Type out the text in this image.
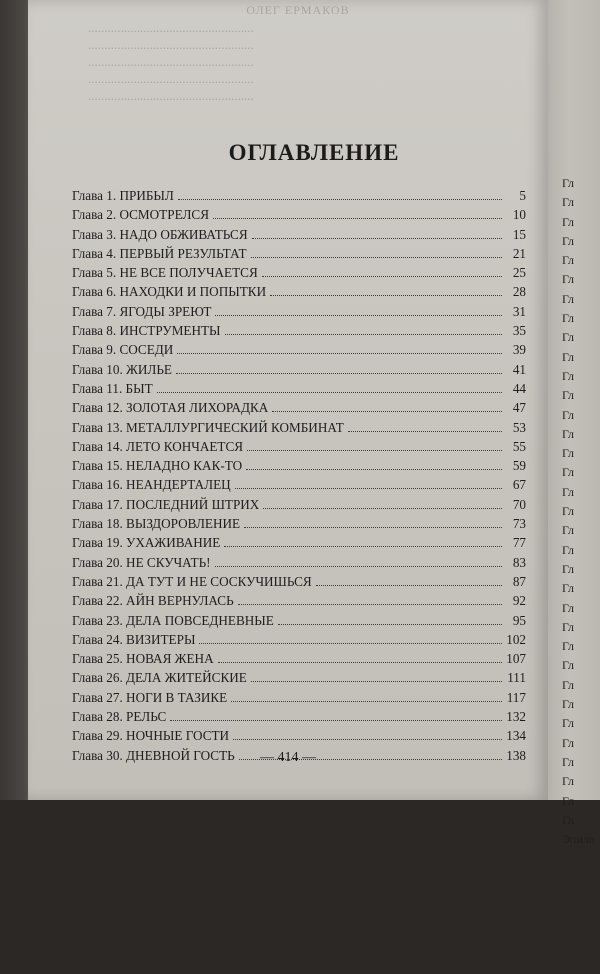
ОЛЕГ ЕРМАКОВ
...................................................
...................................................
...................................................
...................................................
...................................................
ОГЛАВЛЕНИЕ
Глава 1. ПРИБЫЛ	5
Глава 2. ОСМОТРЕЛСЯ	10
Глава 3. НАДО ОБЖИВАТЬСЯ	15
Глава 4. ПЕРВЫЙ РЕЗУЛЬТАТ	21
Глава 5. НЕ ВСЕ ПОЛУЧАЕТСЯ	25
Глава 6. НАХОДКИ И ПОПЫТКИ	28
Глава 7. ЯГОДЫ ЗРЕЮТ	31
Глава 8. ИНСТРУМЕНТЫ	35
Глава 9. СОСЕДИ	39
Глава 10. ЖИЛЬЕ	41
Глава 11. БЫТ	44
Глава 12. ЗОЛОТАЯ ЛИХОРАДКА	47
Глава 13. МЕТАЛЛУРГИЧЕСКИЙ КОМБИНАТ	53
Глава 14. ЛЕТО КОНЧАЕТСЯ	55
Глава 15. НЕЛАДНО КАК-ТО	59
Глава 16. НЕАНДЕРТАЛЕЦ	67
Глава 17. ПОСЛЕДНИЙ ШТРИХ	70
Глава 18. ВЫЗДОРОВЛЕНИЕ	73
Глава 19. УХАЖИВАНИЕ	77
Глава 20. НЕ СКУЧАТЬ!	83
Глава 21. ДА ТУТ И НЕ СОСКУЧИШЬСЯ	87
Глава 22. АЙН ВЕРНУЛАСЬ	92
Глава 23. ДЕЛА ПОВСЕДНЕВНЫЕ	95
Глава 24. ВИЗИТЕРЫ	102
Глава 25. НОВАЯ ЖЕНА	107
Глава 26. ДЕЛА ЖИТЕЙСКИЕ	111
Глава 27. НОГИ В ТАЗИКЕ	117
Глава 28. РЕЛЬС	132
Глава 29. НОЧНЫЕ ГОСТИ	134
Глава 30. ДНЕВНОЙ ГОСТЬ	138
— 414 —
Гл
Гл
Гл
Гл
Гл
Гл
Гл
Гл
Гл
Гл
Гл
Гл
Гл
Гл
Гл
Гл
Гл
Гл
Гл
Гл
Гл
Гл
Гл
Гл
Гл
Гл
Гл
Гл
Гл
Гл
Гл
Гл
Гл
Гл
Эпило
